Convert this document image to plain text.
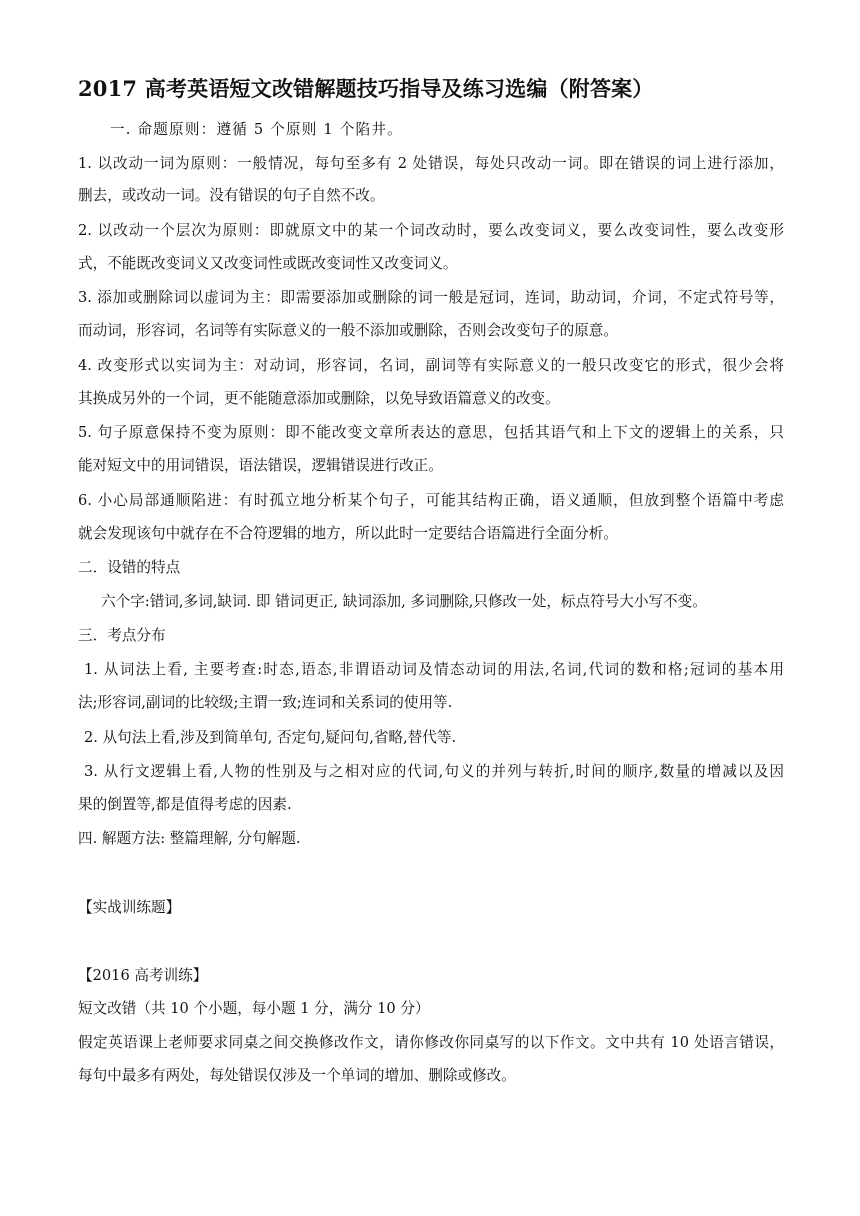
2017 高考英语短文改错解题技巧指导及练习选编（附答案）
一. 命题原则：遵循 5 个原则 1 个陷井。
1. 以改动一词为原则：一般情况，每句至多有 2 处错误，每处只改动一词。即在错误的词上进行添加，
删去，或改动一词。没有错误的句子自然不改。
2. 以改动一个层次为原则：即就原文中的某一个词改动时，要么改变词义，要么改变词性，要么改变形
式，不能既改变词义又改变词性或既改变词性又改变词义。
3. 添加或删除词以虚词为主：即需要添加或删除的词一般是冠词，连词，助动词，介词，不定式符号等，
而动词，形容词，名词等有实际意义的一般不添加或删除，否则会改变句子的原意。
4. 改变形式以实词为主：对动词，形容词，名词，副词等有实际意义的一般只改变它的形式，很少会将
其换成另外的一个词，更不能随意添加或删除，以免导致语篇意义的改变。
5. 句子原意保持不变为原则：即不能改变文章所表达的意思，包括其语气和上下文的逻辑上的关系，只
能对短文中的用词错误，语法错误，逻辑错误进行改正。
6. 小心局部通顺陷进：有时孤立地分析某个句子，可能其结构正确，语义通顺，但放到整个语篇中考虑
就会发现该句中就存在不合符逻辑的地方，所以此时一定要结合语篇进行全面分析。
二．设错的特点
六个字:错词,多词,缺词. 即 错词更正, 缺词添加, 多词删除,只修改一处，标点符号大小写不变。
三．考点分布
1. 从词法上看, 主要考查:时态,语态,非谓语动词及情态动词的用法,名词,代词的数和格;冠词的基本用
法;形容词,副词的比较级;主谓一致;连词和关系词的使用等.
2. 从句法上看,涉及到简单句, 否定句,疑问句,省略,替代等.
3. 从行文逻辑上看,人物的性别及与之相对应的代词,句义的并列与转折,时间的顺序,数量的增减以及因
果的倒置等,都是值得考虑的因素.
四. 解题方法: 整篇理解, 分句解题.
【实战训练题】
【2016 高考训练】
短文改错（共 10 个小题，每小题 1 分，满分 10 分）
假定英语课上老师要求同桌之间交换修改作文，请你修改你同桌写的以下作文。文中共有 10 处语言错误，
每句中最多有两处，每处错误仅涉及一个单词的增加、删除或修改。
